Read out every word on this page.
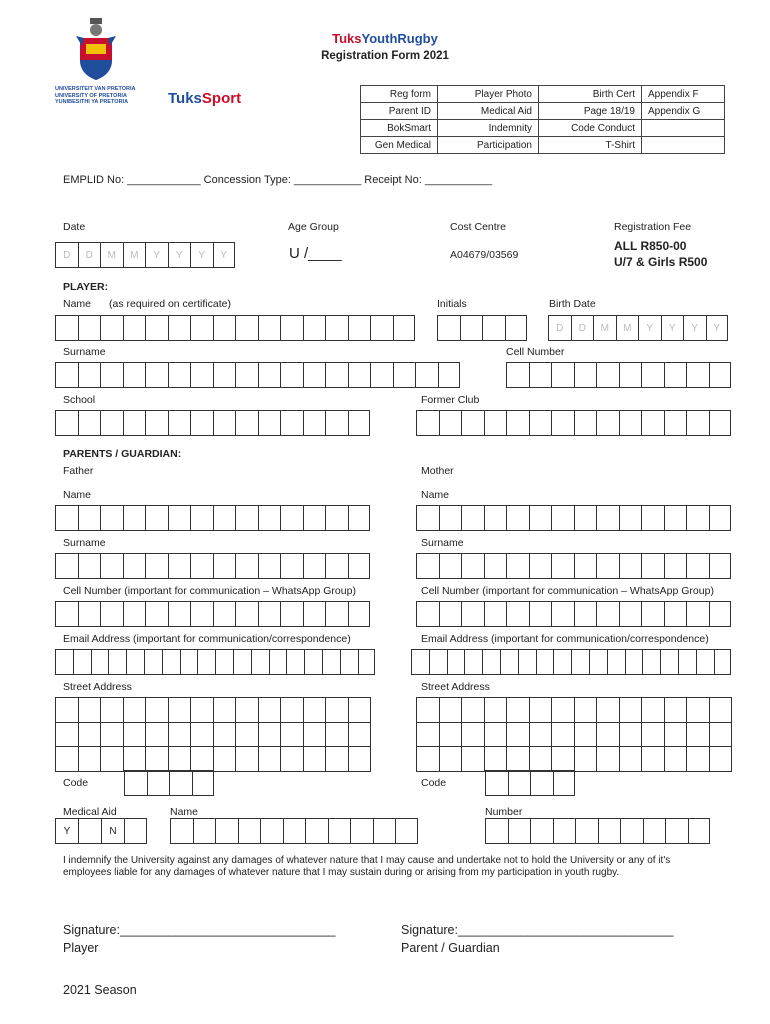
UNIVERSITEIT VAN PRETORIA
UNIVERSITY OF PRETORIA
YUNIBESITHI YA PRETORIA	TuksSport
TuksYouthRugby
Registration Form 2021
Reg form	Player Photo	Birth Cert	Appendix F
Parent ID	Medical Aid	Page 18/19	Appendix G
BokSmart	Indemnity	Code Conduct	
Gen Medical	Participation	T-Shirt	
EMPLID No: ____________ Concession Type: ___________ Receipt No: ___________
Date
D	D	M	M	Y	Y	Y	Y
Age Group
U /____
Cost Centre
A04679/03569
Registration Fee
ALL R850-00
U/7 & Girls R500
PLAYER:
Name (as required on certificate)	Initials	Birth Date
D	D	M	M	Y	Y	Y	Y
Surname	Cell Number
School	Former Club
PARENTS / GUARDIAN:
Father	Mother
Name	Name
Surname	Surname
Cell Number (important for communication – WhatsApp Group)	Cell Number (important for communication – WhatsApp Group)
Email Address (important for communication/correspondence)	Email Address (important for communication/correspondence)
Street Address	Street Address
Code	Code
Medical Aid	Name	Number
Y	N
I indemnify the University against any damages of whatever nature that I may cause and undertake not to hold the University or any of it's employees liable for any damages of whatever nature that I may sustain during or arising from my participation in youth rugby.
Signature:_______________________________
Player
Signature:_______________________________
Parent / Guardian
2021 Season
